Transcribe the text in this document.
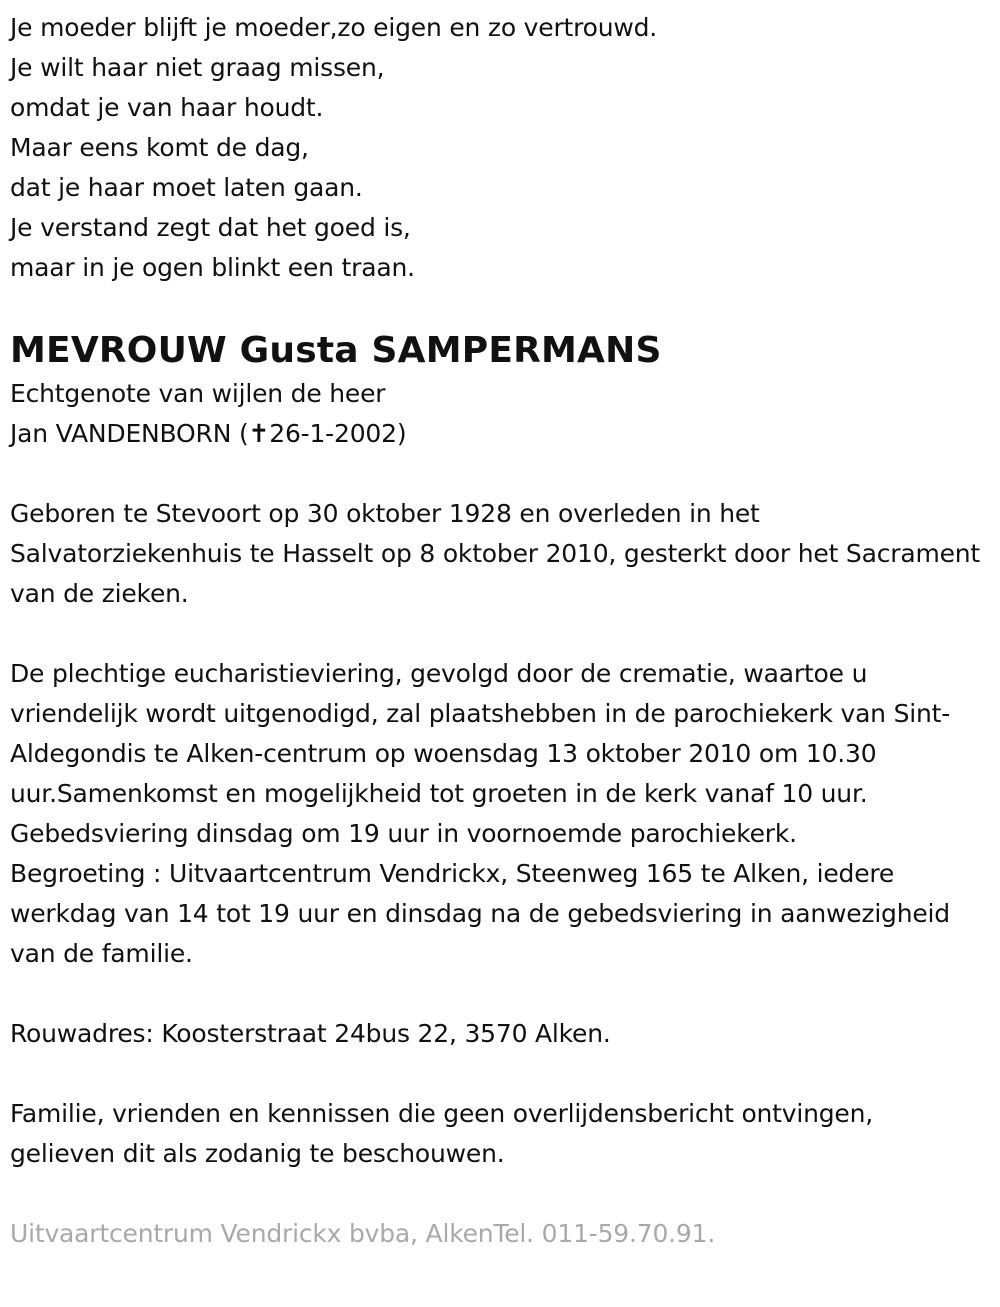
Je moeder blijft je moeder,zo eigen en zo vertrouwd.
Je wilt haar niet graag missen,
omdat je van haar houdt.
Maar eens komt de dag,
dat je haar moet laten gaan.
Je verstand zegt dat het goed is,
maar in je ogen blinkt een traan.
MEVROUW Gusta SAMPERMANS
Echtgenote van wijlen de heer
Jan VANDENBORN (✝26-1-2002)
Geboren te Stevoort op 30 oktober 1928 en overleden in het Salvatorziekenhuis te Hasselt op 8 oktober 2010, gesterkt door het Sacrament van de zieken.
De plechtige eucharistieviering, gevolgd door de crematie, waartoe u vriendelijk wordt uitgenodigd, zal plaatshebben in de parochiekerk van Sint-Aldegondis te Alken-centrum op woensdag 13 oktober 2010 om 10.30 uur.Samenkomst en mogelijkheid tot groeten in de kerk vanaf 10 uur.
Gebedsviering dinsdag om 19 uur in voornoemde parochiekerk.
Begroeting : Uitvaartcentrum Vendrickx, Steenweg 165 te Alken, iedere werkdag van 14 tot 19 uur en dinsdag na de gebedsviering in aanwezigheid van de familie.
Rouwadres: Koosterstraat 24bus 22, 3570 Alken.
Familie, vrienden en kennissen die geen overlijdensbericht ontvingen, gelieven dit als zodanig te beschouwen.
Uitvaartcentrum Vendrickx bvba, AlkenTel. 011-59.70.91.
